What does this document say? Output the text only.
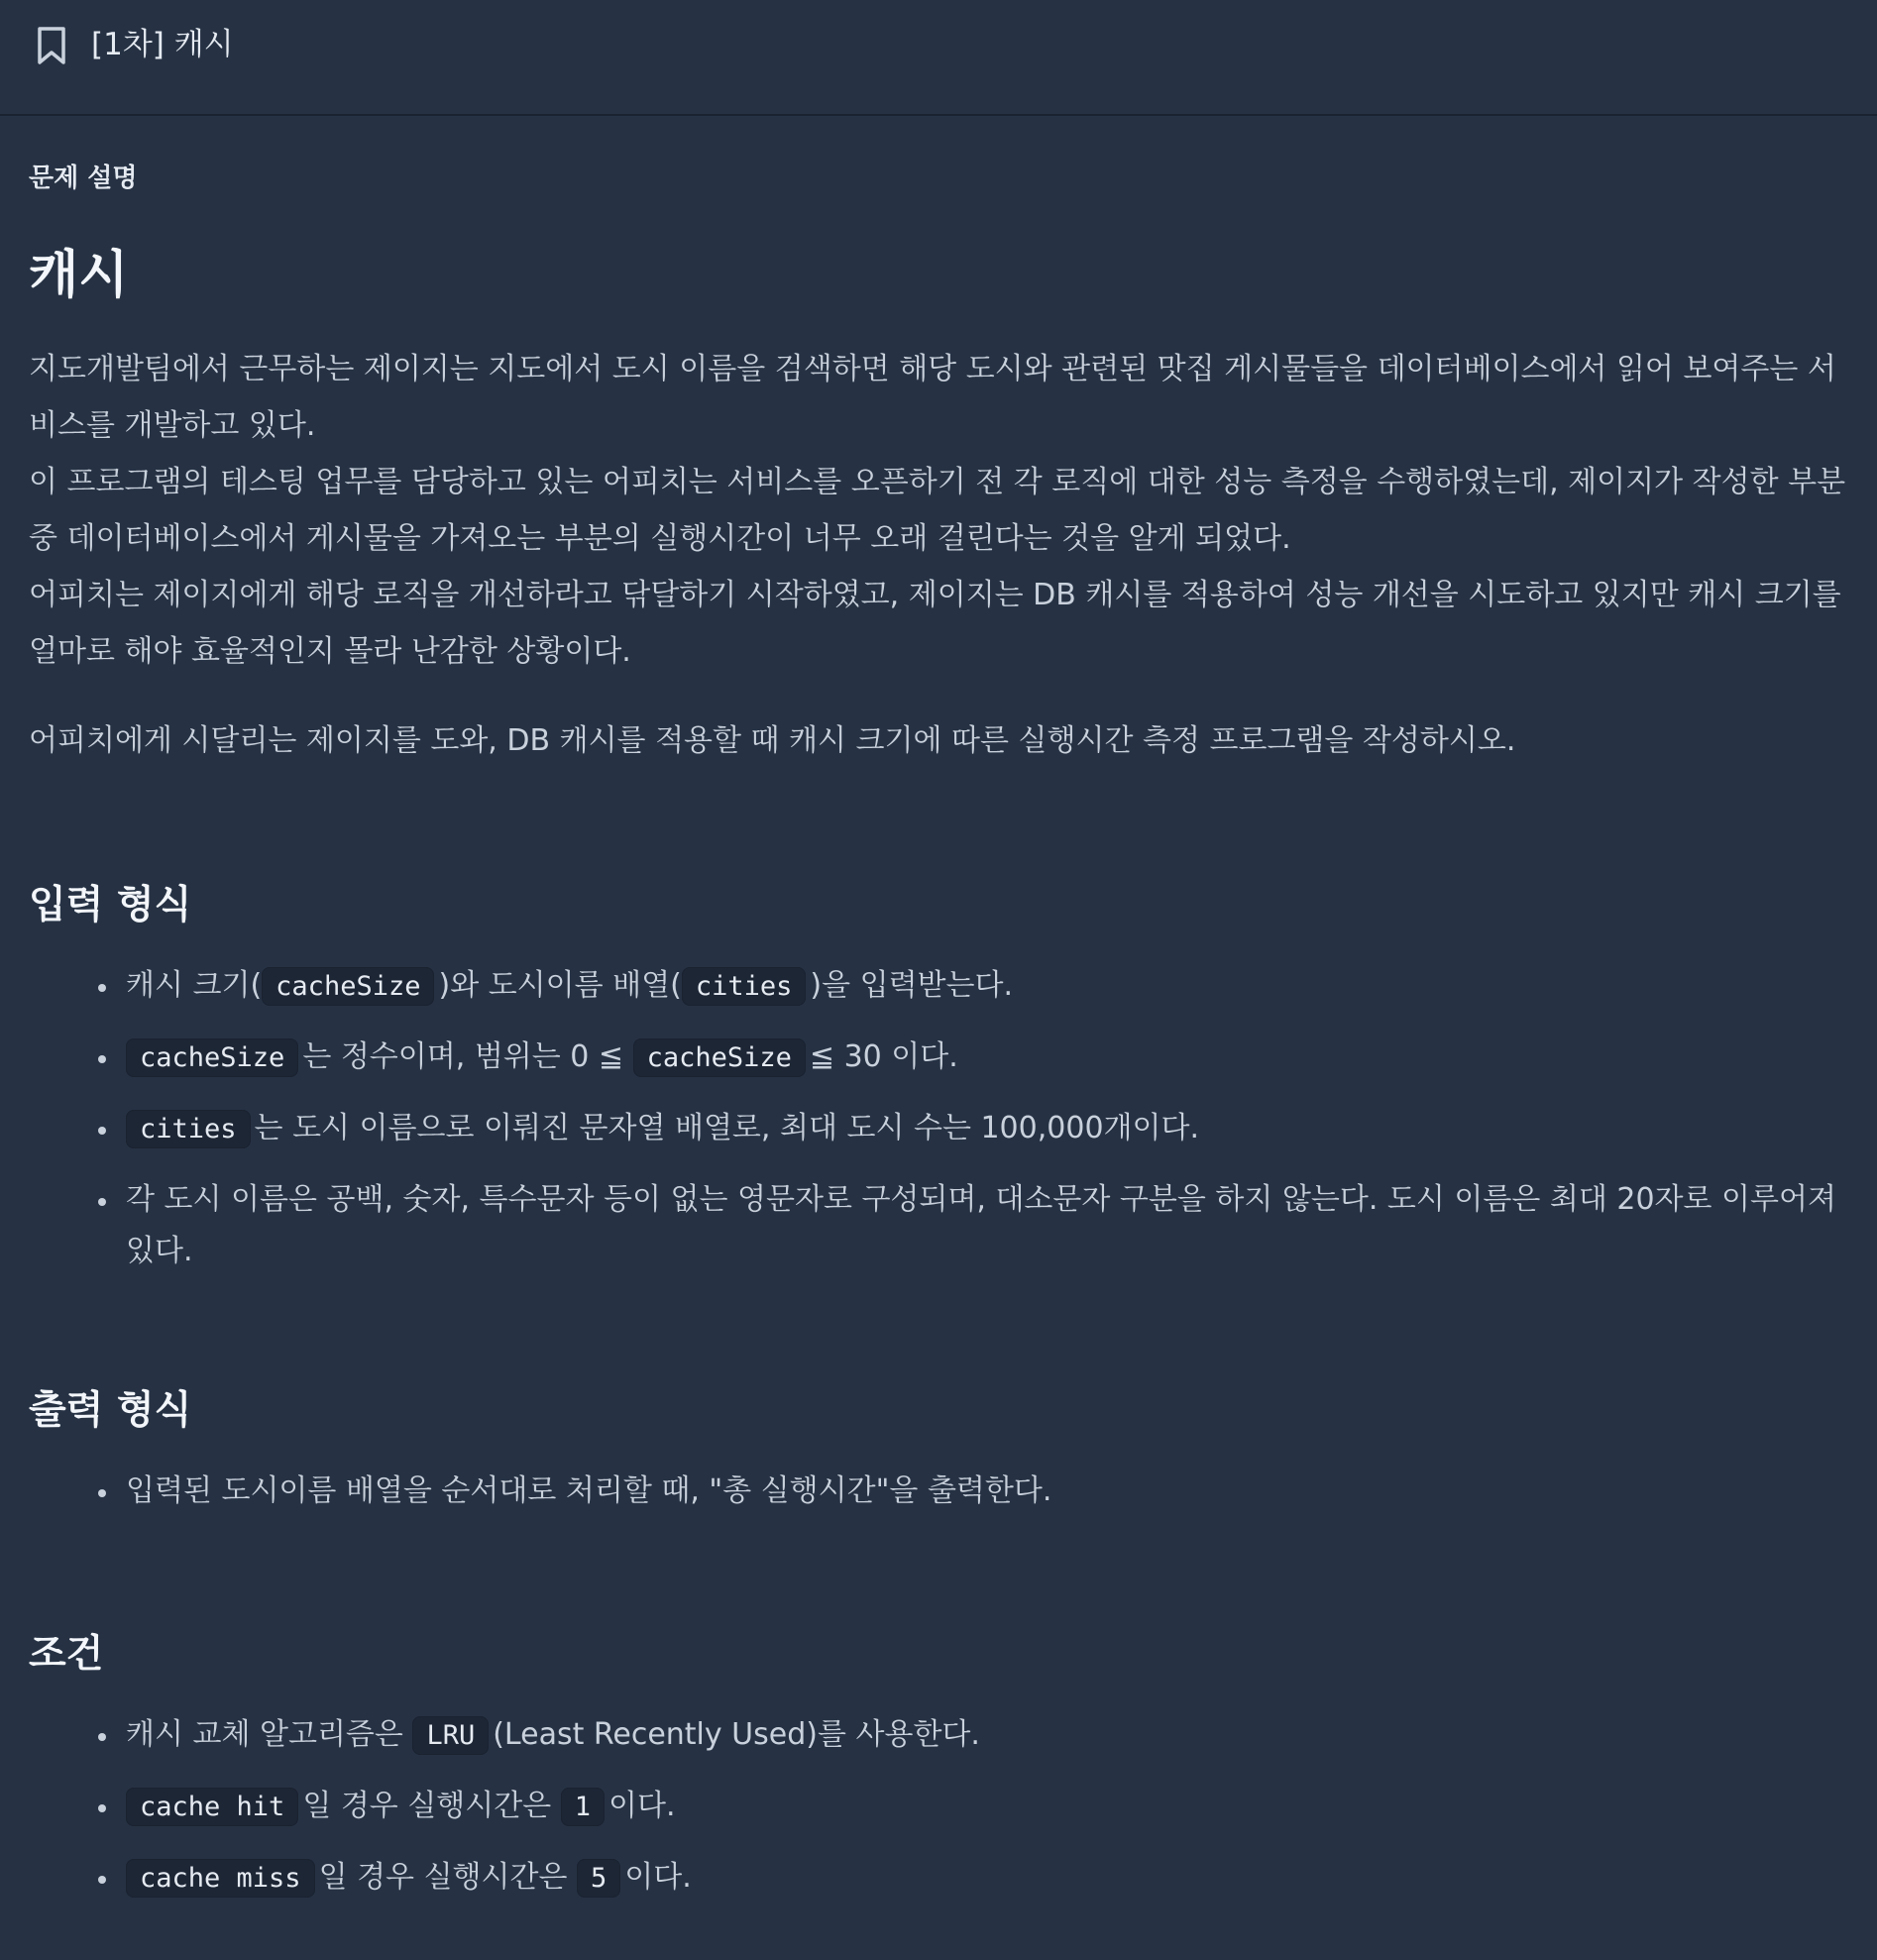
[1차] 캐시
문제 설명
캐시

지도개발팀에서 근무하는 제이지는 지도에서 도시 이름을 검색하면 해당 도시와 관련된 맛집 게시물들을 데이터베이스에서 읽어 보여주는 서
비스를 개발하고 있다.
이 프로그램의 테스팅 업무를 담당하고 있는 어피치는 서비스를 오픈하기 전 각 로직에 대한 성능 측정을 수행하였는데, 제이지가 작성한 부분
중 데이터베이스에서 게시물을 가져오는 부분의 실행시간이 너무 오래 걸린다는 것을 알게 되었다.
어피치는 제이지에게 해당 로직을 개선하라고 닦달하기 시작하였고, 제이지는 DB 캐시를 적용하여 성능 개선을 시도하고 있지만 캐시 크기를
얼마로 해야 효율적인지 몰라 난감한 상황이다.

어피치에게 시달리는 제이지를 도와, DB 캐시를 적용할 때 캐시 크기에 따른 실행시간 측정 프로그램을 작성하시오.

입력 형식
캐시 크기( cacheSize )와 도시이름 배열( cities )을 입력받는다.
cacheSize 는 정수이며, 범위는 0 ≦ cacheSize ≦ 30 이다.
cities 는 도시 이름으로 이뤄진 문자열 배열로, 최대 도시 수는 100,000개이다.
각 도시 이름은 공백, 숫자, 특수문자 등이 없는 영문자로 구성되며, 대소문자 구분을 하지 않는다. 도시 이름은 최대 20자로 이루어져
있다.
출력 형식
입력된 도시이름 배열을 순서대로 처리할 때, "총 실행시간"을 출력한다.
조건
캐시 교체 알고리즘은 LRU (Least Recently Used)를 사용한다.
cache hit 일 경우 실행시간은 1 이다.
cache miss 일 경우 실행시간은 5 이다.
